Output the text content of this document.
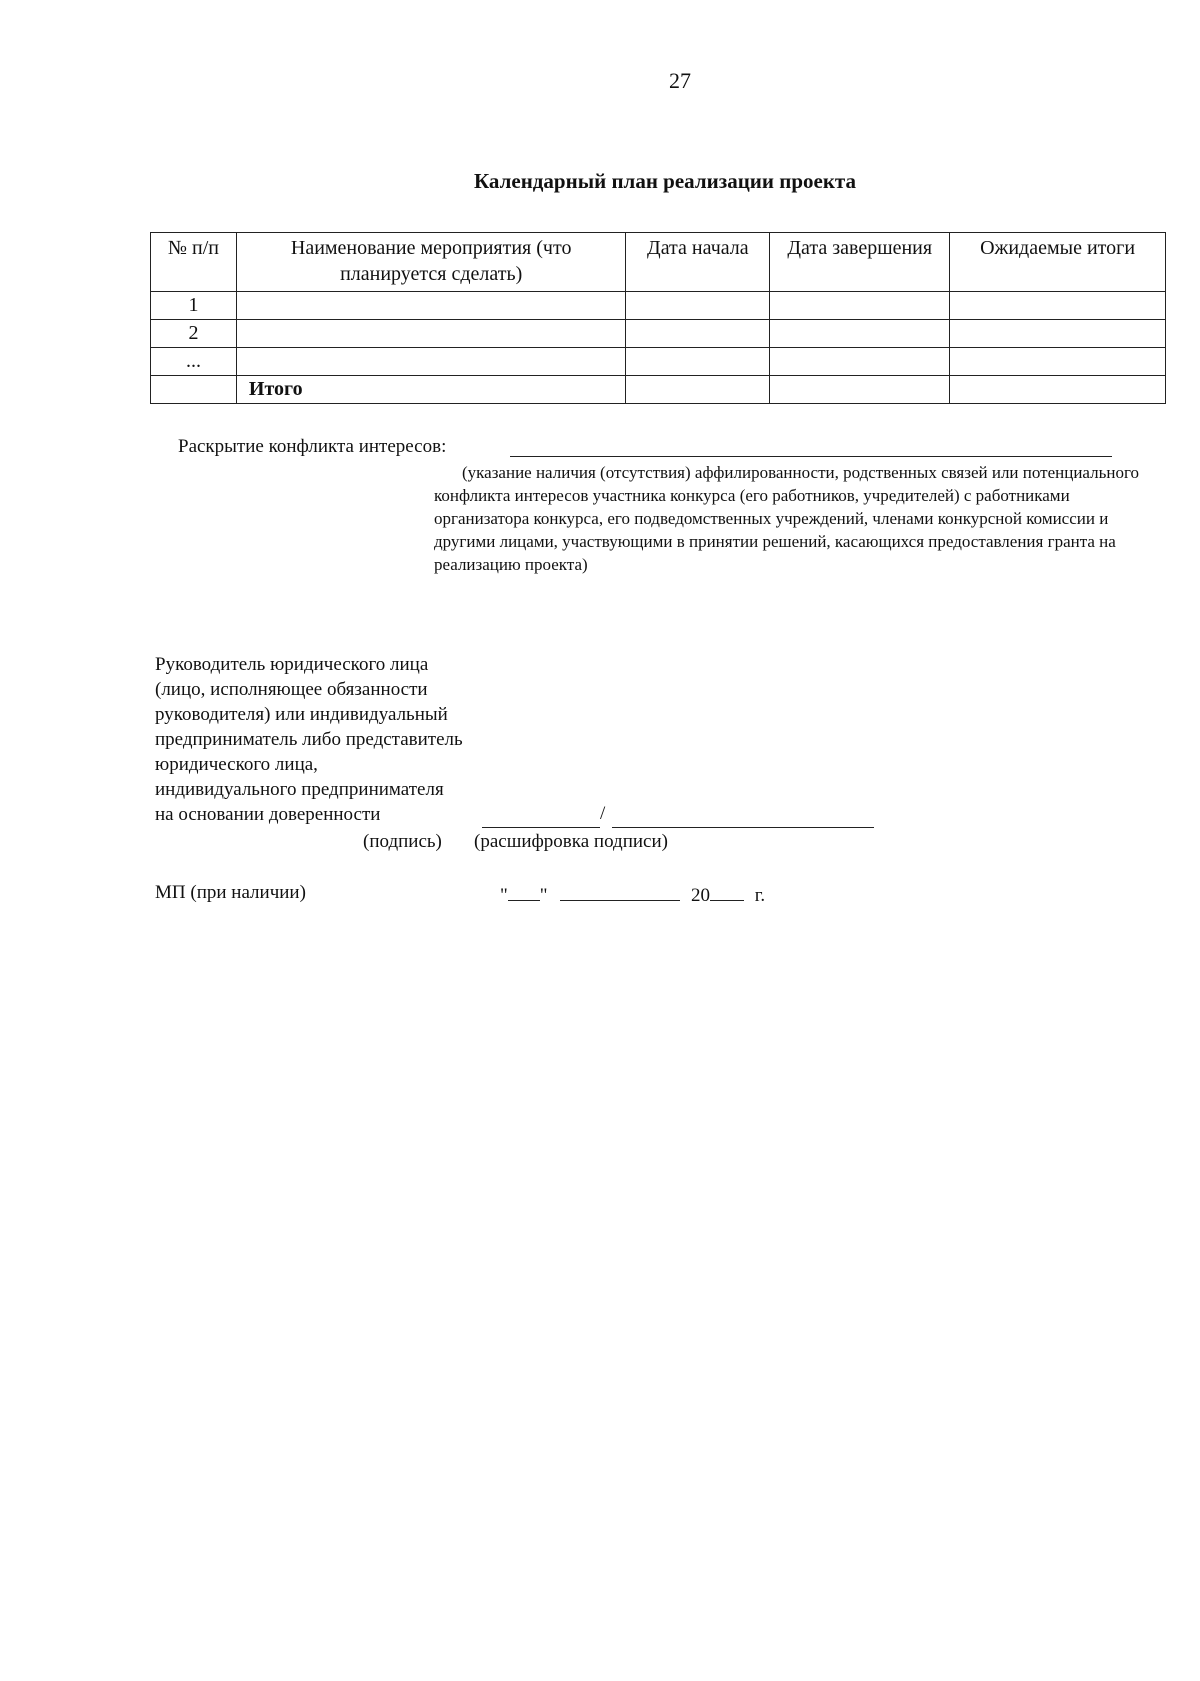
27
Календарный план реализации проекта
№ п/п	Наименование мероприятия (что планируется сделать)	Дата начала	Дата завершения	Ожидаемые итоги
1				
2				
...				
	Итого			
Раскрытие конфликта интересов:
(указание наличия (отсутствия) аффилированности, родственных связей или потенциального конфликта интересов участника конкурса (его работников, учредителей) с работниками организатора конкурса, его подведомственных учреждений, членами конкурсной комиссии и другими лицами, участвующими в принятии решений, касающихся предоставления гранта на реализацию проекта)
Руководитель юридического лица
(лицо, исполняющее обязанности
руководителя) или индивидуальный
предприниматель либо представитель
юридического лица,
индивидуального предпринимателя
на основании доверенности	/
(подпись) (расшифровка подписи)
МП (при наличии)	" "	20 г.
